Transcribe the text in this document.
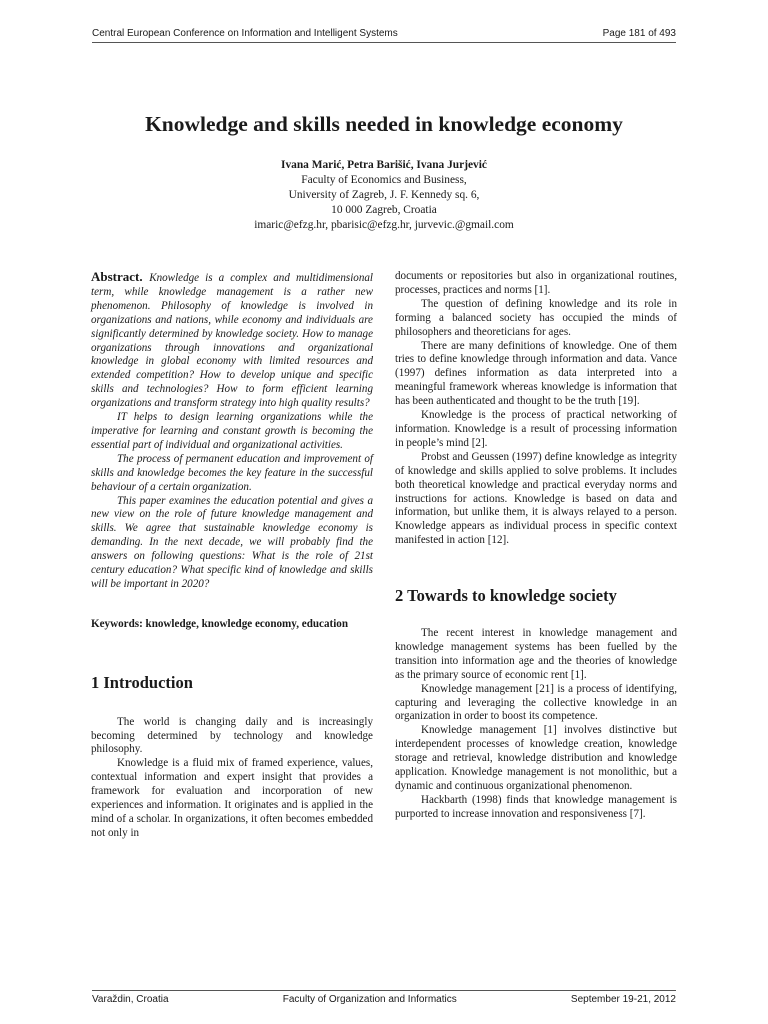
Central European Conference on Information and Intelligent Systems	Page 181 of 493
Knowledge and skills needed in knowledge economy
Ivana Marić, Petra Barišić, Ivana Jurjević
Faculty of Economics and Business,
University of Zagreb, J. F. Kennedy sq. 6,
10 000 Zagreb, Croatia
imaric@efzg.hr, pbarisic@efzg.hr, jurvevic.@gmail.com

Abstract. Knowledge is a complex and multidimensional term, while knowledge management is a rather new phenomenon. Philosophy of knowledge is involved in organizations and nations, while economy and individuals are significantly determined by knowledge society. How to manage organizations through innovations and organizational knowledge in global economy with limited resources and extended competition? How to develop unique and specific skills and technologies? How to form efficient learning organizations and transform strategy into high quality results?

IT helps to design learning organizations while the imperative for learning and constant growth is becoming the essential part of individual and organizational activities.

The process of permanent education and improvement of skills and knowledge becomes the key feature in the successful behaviour of a certain organization.

This paper examines the education potential and gives a new view on the role of future knowledge management and skills. We agree that sustainable knowledge economy is demanding. In the next decade, we will probably find the answers on following questions: What is the role of 21st century education? What specific kind of knowledge and skills will be important in 2020?

Keywords: knowledge, knowledge economy, education

1 Introduction

The world is changing daily and is increasingly becoming determined by technology and knowledge philosophy.

Knowledge is a fluid mix of framed experience, values, contextual information and expert insight that provides a framework for evaluation and incorporation of new experiences and information. It originates and is applied in the mind of a scholar. In organizations, it often becomes embedded not only in

documents or repositories but also in organizational routines, processes, practices and norms [1].

The question of defining knowledge and its role in forming a balanced society has occupied the minds of philosophers and theoreticians for ages.

There are many definitions of knowledge. One of them tries to define knowledge through information and data. Vance (1997) defines information as data interpreted into a meaningful framework whereas knowledge is information that has been authenticated and thought to be the truth [19].

Knowledge is the process of practical networking of information. Knowledge is a result of processing information in people’s mind [2].

Probst and Geussen (1997) define knowledge as integrity of knowledge and skills applied to solve problems. It includes both theoretical knowledge and practical everyday norms and instructions for actions. Knowledge is based on data and information, but unlike them, it is always relayed to a person. Knowledge appears as individual process in specific context manifested in action [12].

2 Towards to knowledge society

The recent interest in knowledge management and knowledge management systems has been fuelled by the transition into information age and the theories of knowledge as the primary source of economic rent [1].

Knowledge management [21] is a process of identifying, capturing and leveraging the collective knowledge in an organization in order to boost its competence.

Knowledge management [1] involves distinctive but interdependent processes of knowledge creation, knowledge storage and retrieval, knowledge distribution and knowledge application. Knowledge management is not monolithic, but a dynamic and continuous organizational phenomenon.

Hackbarth (1998) finds that knowledge management is purported to increase innovation and responsiveness [7].

Varaždin, Croatia	Faculty of Organization and Informatics	September 19-21, 2012
